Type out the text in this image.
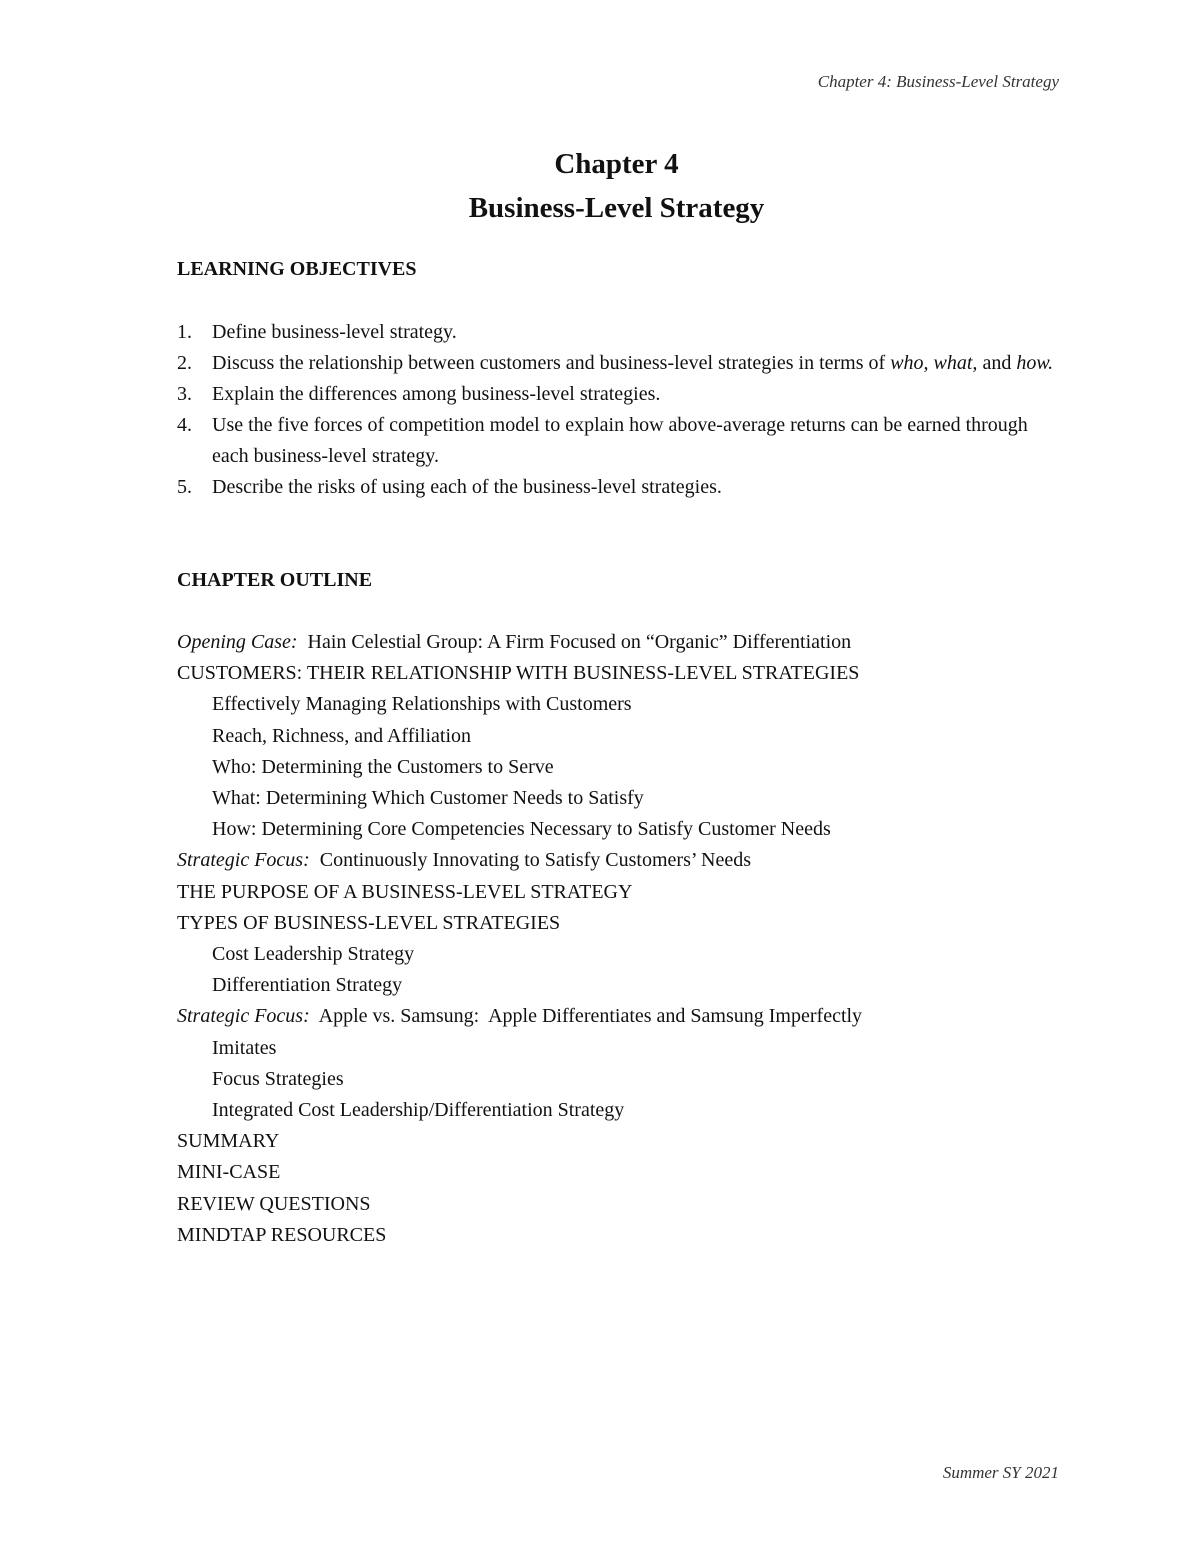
Chapter 4: Business-Level Strategy
Chapter 4
Business-Level Strategy
LEARNING OBJECTIVES
1. Define business-level strategy.
2. Discuss the relationship between customers and business-level strategies in terms of who, what, and how.
3. Explain the differences among business-level strategies.
4. Use the five forces of competition model to explain how above-average returns can be earned through each business-level strategy.
5. Describe the risks of using each of the business-level strategies.
CHAPTER OUTLINE
Opening Case:  Hain Celestial Group: A Firm Focused on “Organic” Differentiation
CUSTOMERS: THEIR RELATIONSHIP WITH BUSINESS-LEVEL STRATEGIES
Effectively Managing Relationships with Customers
Reach, Richness, and Affiliation
Who: Determining the Customers to Serve
What: Determining Which Customer Needs to Satisfy
How: Determining Core Competencies Necessary to Satisfy Customer Needs
Strategic Focus:  Continuously Innovating to Satisfy Customers’ Needs
THE PURPOSE OF A BUSINESS-LEVEL STRATEGY
TYPES OF BUSINESS-LEVEL STRATEGIES
Cost Leadership Strategy
Differentiation Strategy
Strategic Focus:  Apple vs. Samsung:  Apple Differentiates and Samsung Imperfectly
Imitates
Focus Strategies
Integrated Cost Leadership/Differentiation Strategy
SUMMARY
MINI-CASE
REVIEW QUESTIONS
MINDTAP RESOURCES
Summer SY 2021
